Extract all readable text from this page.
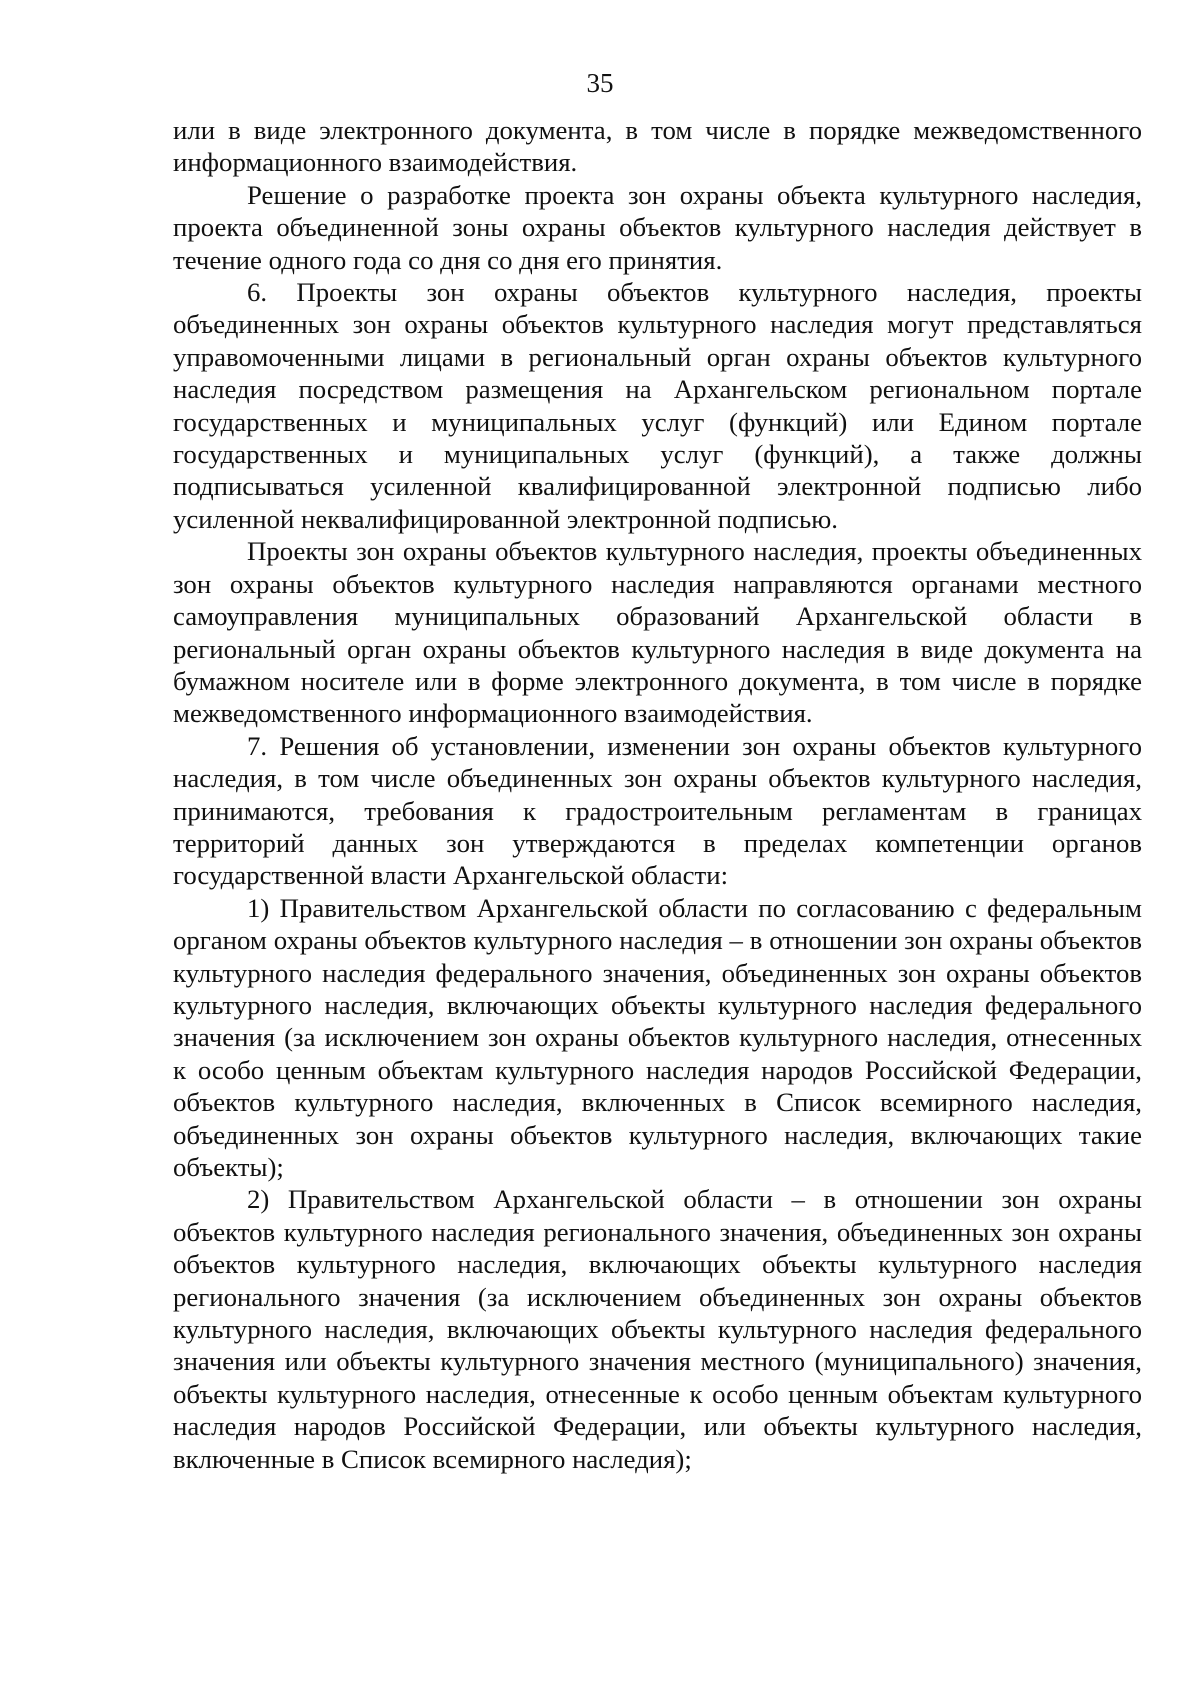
35

или в виде электронного документа, в том числе в порядке межведомственного информационного взаимодействия.

Решение о разработке проекта зон охраны объекта культурного наследия, проекта объединенной зоны охраны объектов культурного наследия действует в течение одного года со дня со дня его принятия.

6. Проекты зон охраны объектов культурного наследия, проекты объединенных зон охраны объектов культурного наследия могут представляться управомоченными лицами в региональный орган охраны объектов культурного наследия посредством размещения на Архангельском региональном портале государственных и муниципальных услуг (функций) или Едином портале государственных и муниципальных услуг (функций), а также должны подписываться усиленной квалифицированной электронной подписью либо усиленной неквалифицированной электронной подписью.

Проекты зон охраны объектов культурного наследия, проекты объединенных зон охраны объектов культурного наследия направляются органами местного самоуправления муниципальных образований Архангельской области в региональный орган охраны объектов культурного наследия в виде документа на бумажном носителе или в форме электронного документа, в том числе в порядке межведомственного информационного взаимодействия.

7. Решения об установлении, изменении зон охраны объектов культурного наследия, в том числе объединенных зон охраны объектов культурного наследия, принимаются, требования к градостроительным регламентам в границах территорий данных зон утверждаются в пределах компетенции органов государственной власти Архангельской области:

1) Правительством Архангельской области по согласованию с федеральным органом охраны объектов культурного наследия – в отношении зон охраны объектов культурного наследия федерального значения, объединенных зон охраны объектов культурного наследия, включающих объекты культурного наследия федерального значения (за исключением зон охраны объектов культурного наследия, отнесенных к особо ценным объектам культурного наследия народов Российской Федерации, объектов культурного наследия, включенных в Список всемирного наследия, объединенных зон охраны объектов культурного наследия, включающих такие объекты);

2) Правительством Архангельской области – в отношении зон охраны объектов культурного наследия регионального значения, объединенных зон охраны объектов культурного наследия, включающих объекты культурного наследия регионального значения (за исключением объединенных зон охраны объектов культурного наследия, включающих объекты культурного наследия федерального значения или объекты культурного значения местного (муниципального) значения, объекты культурного наследия, отнесенные к особо ценным объектам культурного наследия народов Российской Федерации, или объекты культурного наследия, включенные в Список всемирного наследия);
